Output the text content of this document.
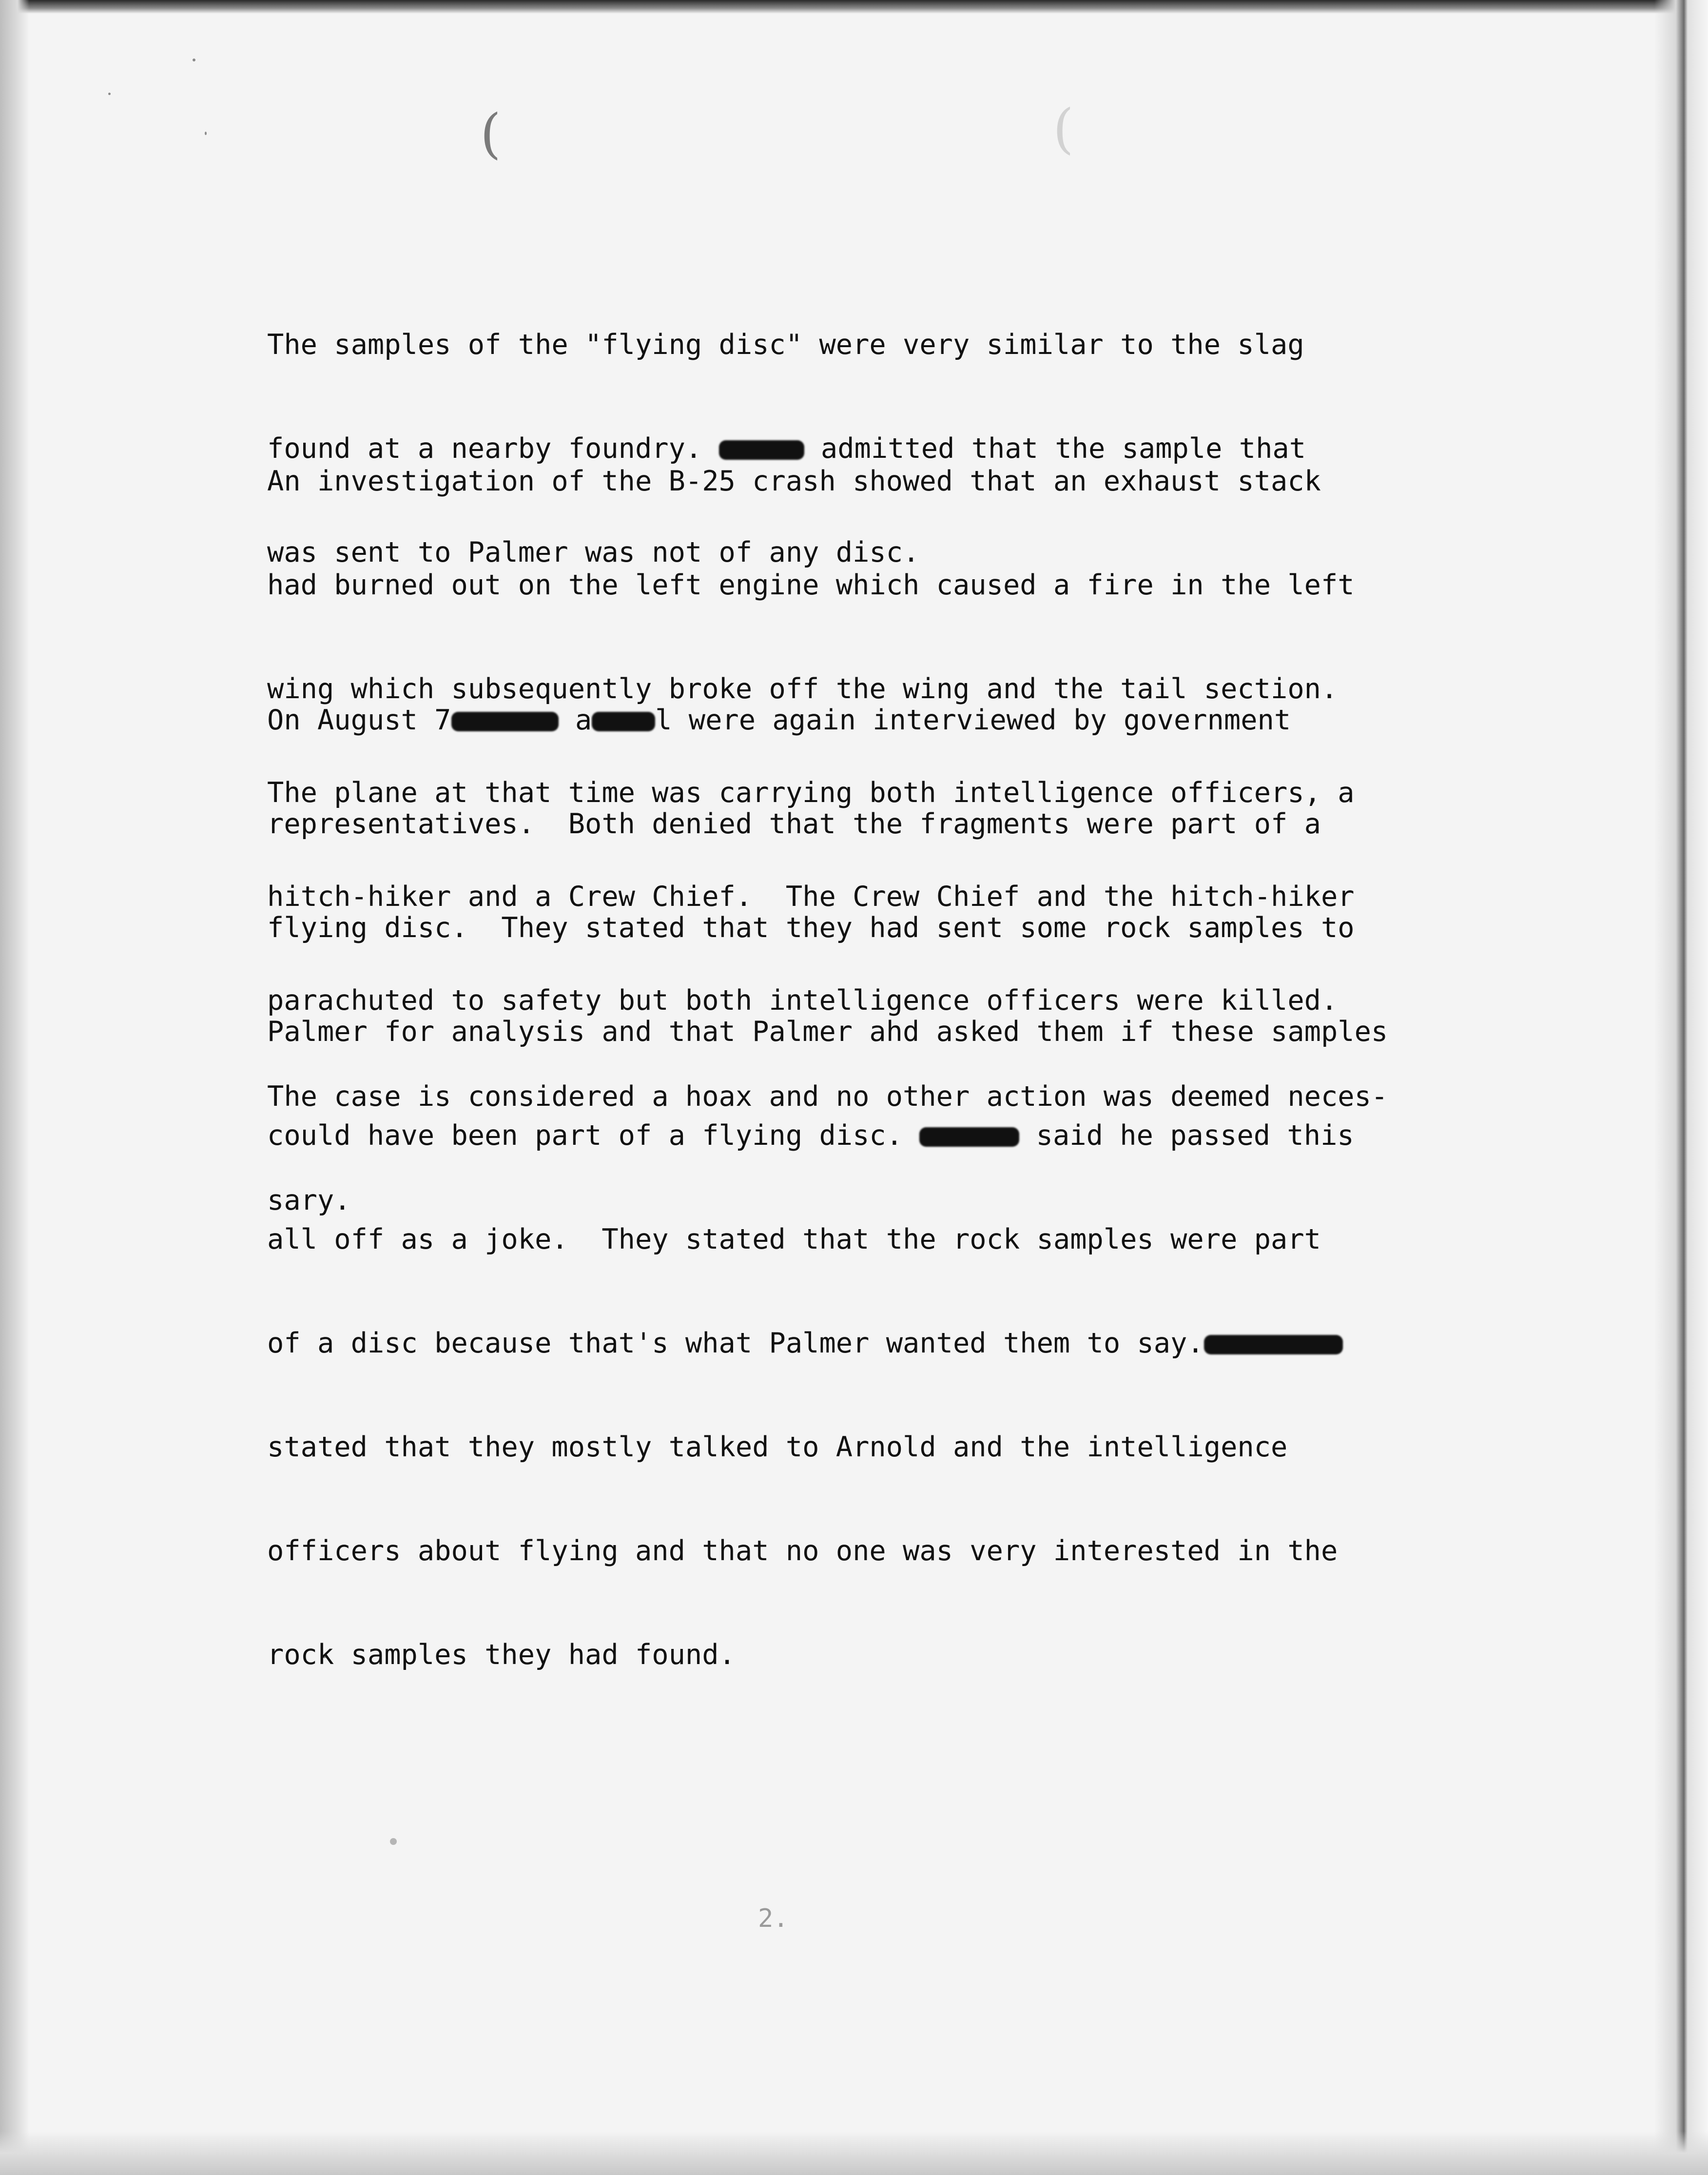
(	(

The samples of the "flying disc" were very similar to the slag

found at a nearby foundry.	admitted that the sample that

was sent to Palmer was not of any disc.

An investigation of the B-25 crash showed that an exhaust stack

had burned out on the left engine which caused a fire in the left

wing which subsequently broke off the wing and the tail section.

The plane at that time was carrying both intelligence officers, a

hitch-hiker and a Crew Chief.  The Crew Chief and the hitch-hiker

parachuted to safety but both intelligence officers were killed.

On August 7	a l were again interviewed by government

representatives.  Both denied that the fragments were part of a

flying disc.  They stated that they had sent some rock samples to

Palmer for analysis and that Palmer ahd asked them if these samples

could have been part of a flying disc.	said he passed this

all off as a joke.  They stated that the rock samples were part

of a disc because that's what Palmer wanted them to say.

stated that they mostly talked to Arnold and the intelligence

officers about flying and that no one was very interested in the

rock samples they had found.

The case is considered a hoax and no other action was deemed neces-

sary.

2.
